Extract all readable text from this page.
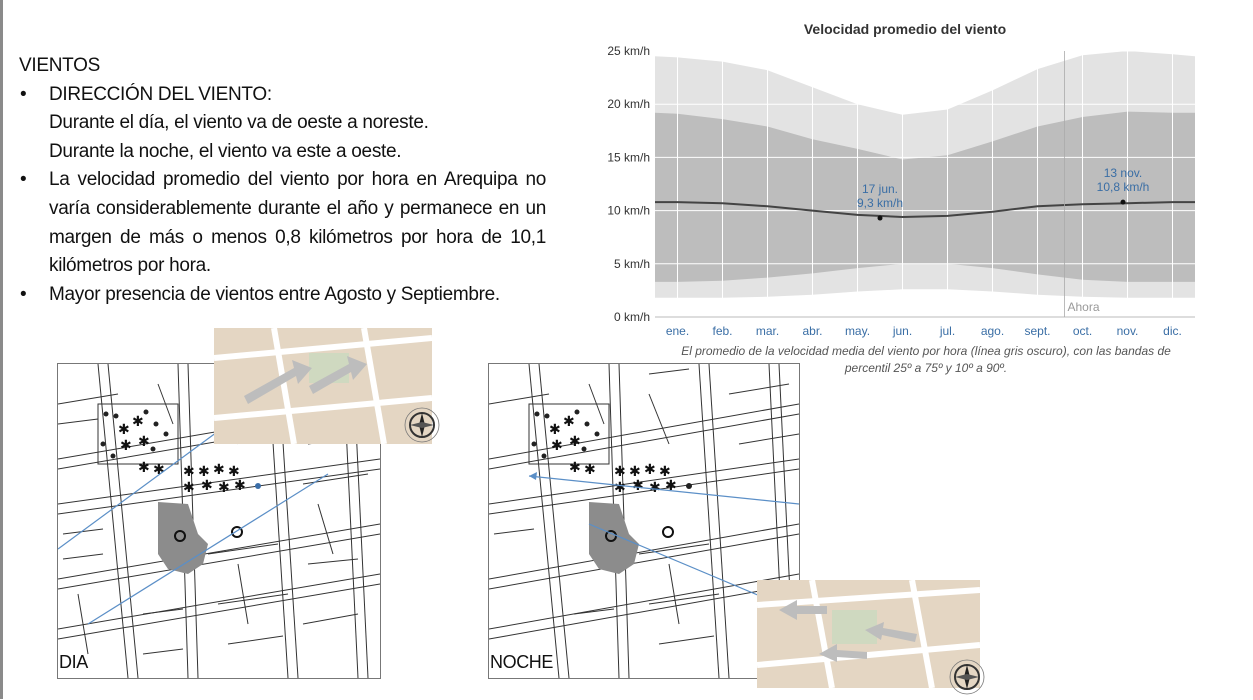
VIENTOS
• DIRECCIÓN DEL VIENTO:
Durante el día, el viento va de oeste a noreste.
Durante la noche, el viento va este a oeste.
• La velocidad promedio del viento por hora en Arequipa no varía considerablemente durante el año y permanece en un margen de más o menos 0,8 kilómetros por hora de 10,1 kilómetros por hora.
• Mayor presencia de vientos entre Agosto y Septiembre.
Velocidad promedio del viento
0 km/h
5 km/h
10 km/h
15 km/h
20 km/h
25 km/h
ene. feb. mar. abr. may. jun. jul. ago. sept. oct. nov. dic.
17 jun.
9,3 km/h
13 nov.
10,8 km/h
Ahora
El promedio de la velocidad media del viento por hora (línea gris oscuro), con las bandas de
percentil 25º a 75º y 10º a 90º.
✱ ✱
✱ ✱
✱ ✱ ✱ ✱
✱ ✱ ✱ ✱
✱ ✱
DIA
✱ ✱
✱ ✱
✱ ✱ ✱ ✱
✱ ✱ ✱ ✱
✱ ✱
NOCHE
